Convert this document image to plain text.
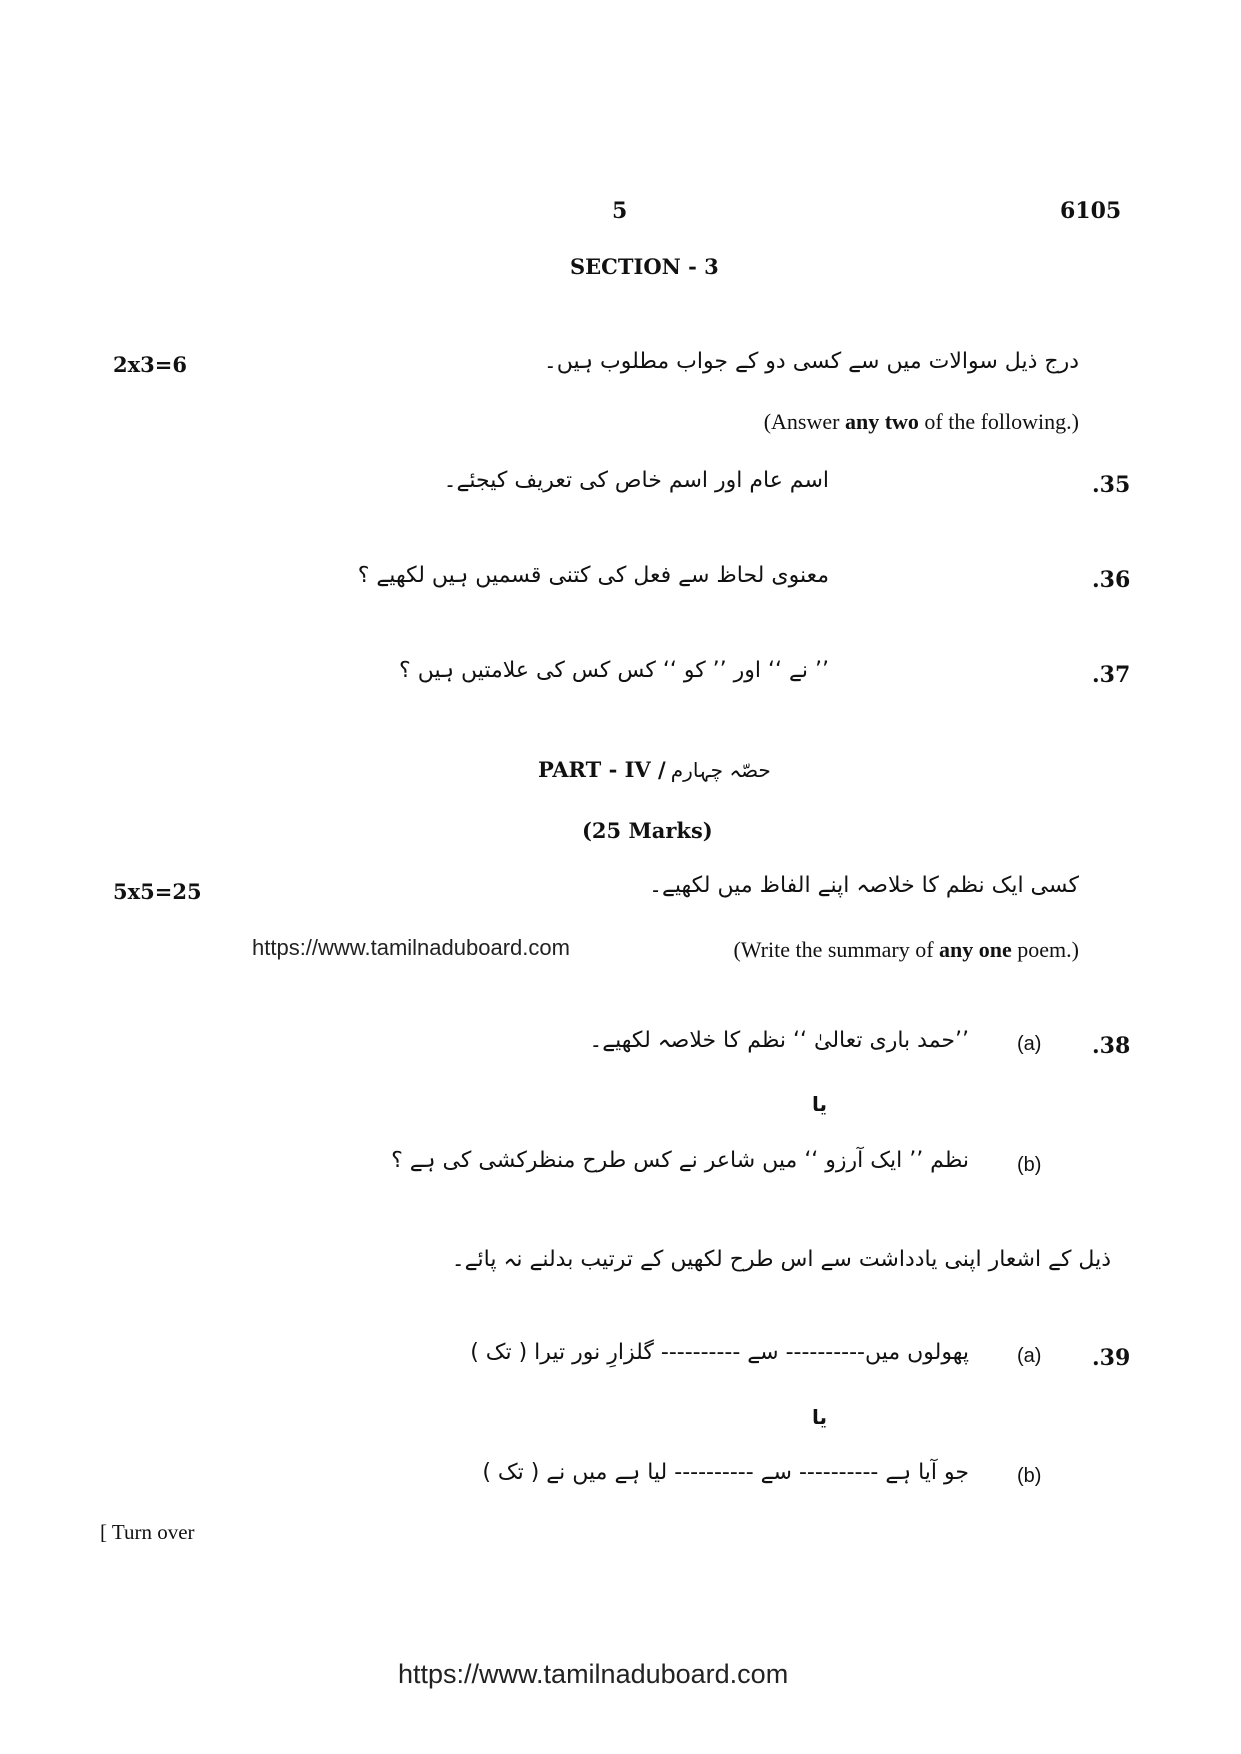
5	6105
SECTION - 3
2x3=6	درج ذیل سوالات میں سے کسی دو کے جواب مطلوب ہیں۔
(Answer any two of the following.)
.35
اسم عام اور اسم خاص کی تعریف کیجئے۔
.36
معنوی لحاظ سے فعل کی کتنی قسمیں ہیں لکھیے ؟
.37
’’ نے ‘‘ اور ’’ کو ‘‘ کس کس کی علامتیں ہیں ؟
PART - IV / حصّہ چہارم
(25 Marks)
5x5=25	کسی ایک نظم کا خلاصہ اپنے الفاظ میں لکھیے۔
https://www.tamilnaduboard.com	(Write the summary of any one poem.)
.38
(a)
’’حمد باری تعالیٰ ‘‘ نظم کا خلاصہ لکھیے۔
یا
(b)
نظم ’’ ایک آرزو ‘‘ میں شاعر نے کس طرح منظرکشی کی ہے ؟
ذیل کے اشعار اپنی یادداشت سے اس طرح لکھیں کے ترتیب بدلنے نہ پائے۔
.39
(a)
پھولوں میں---------- سے ---------- گلزارِ نور تیرا ( تک )
یا
(b)
جو آیا ہے ---------- سے ---------- لیا ہے میں نے ( تک )
[ Turn over
https://www.tamilnaduboard.com
